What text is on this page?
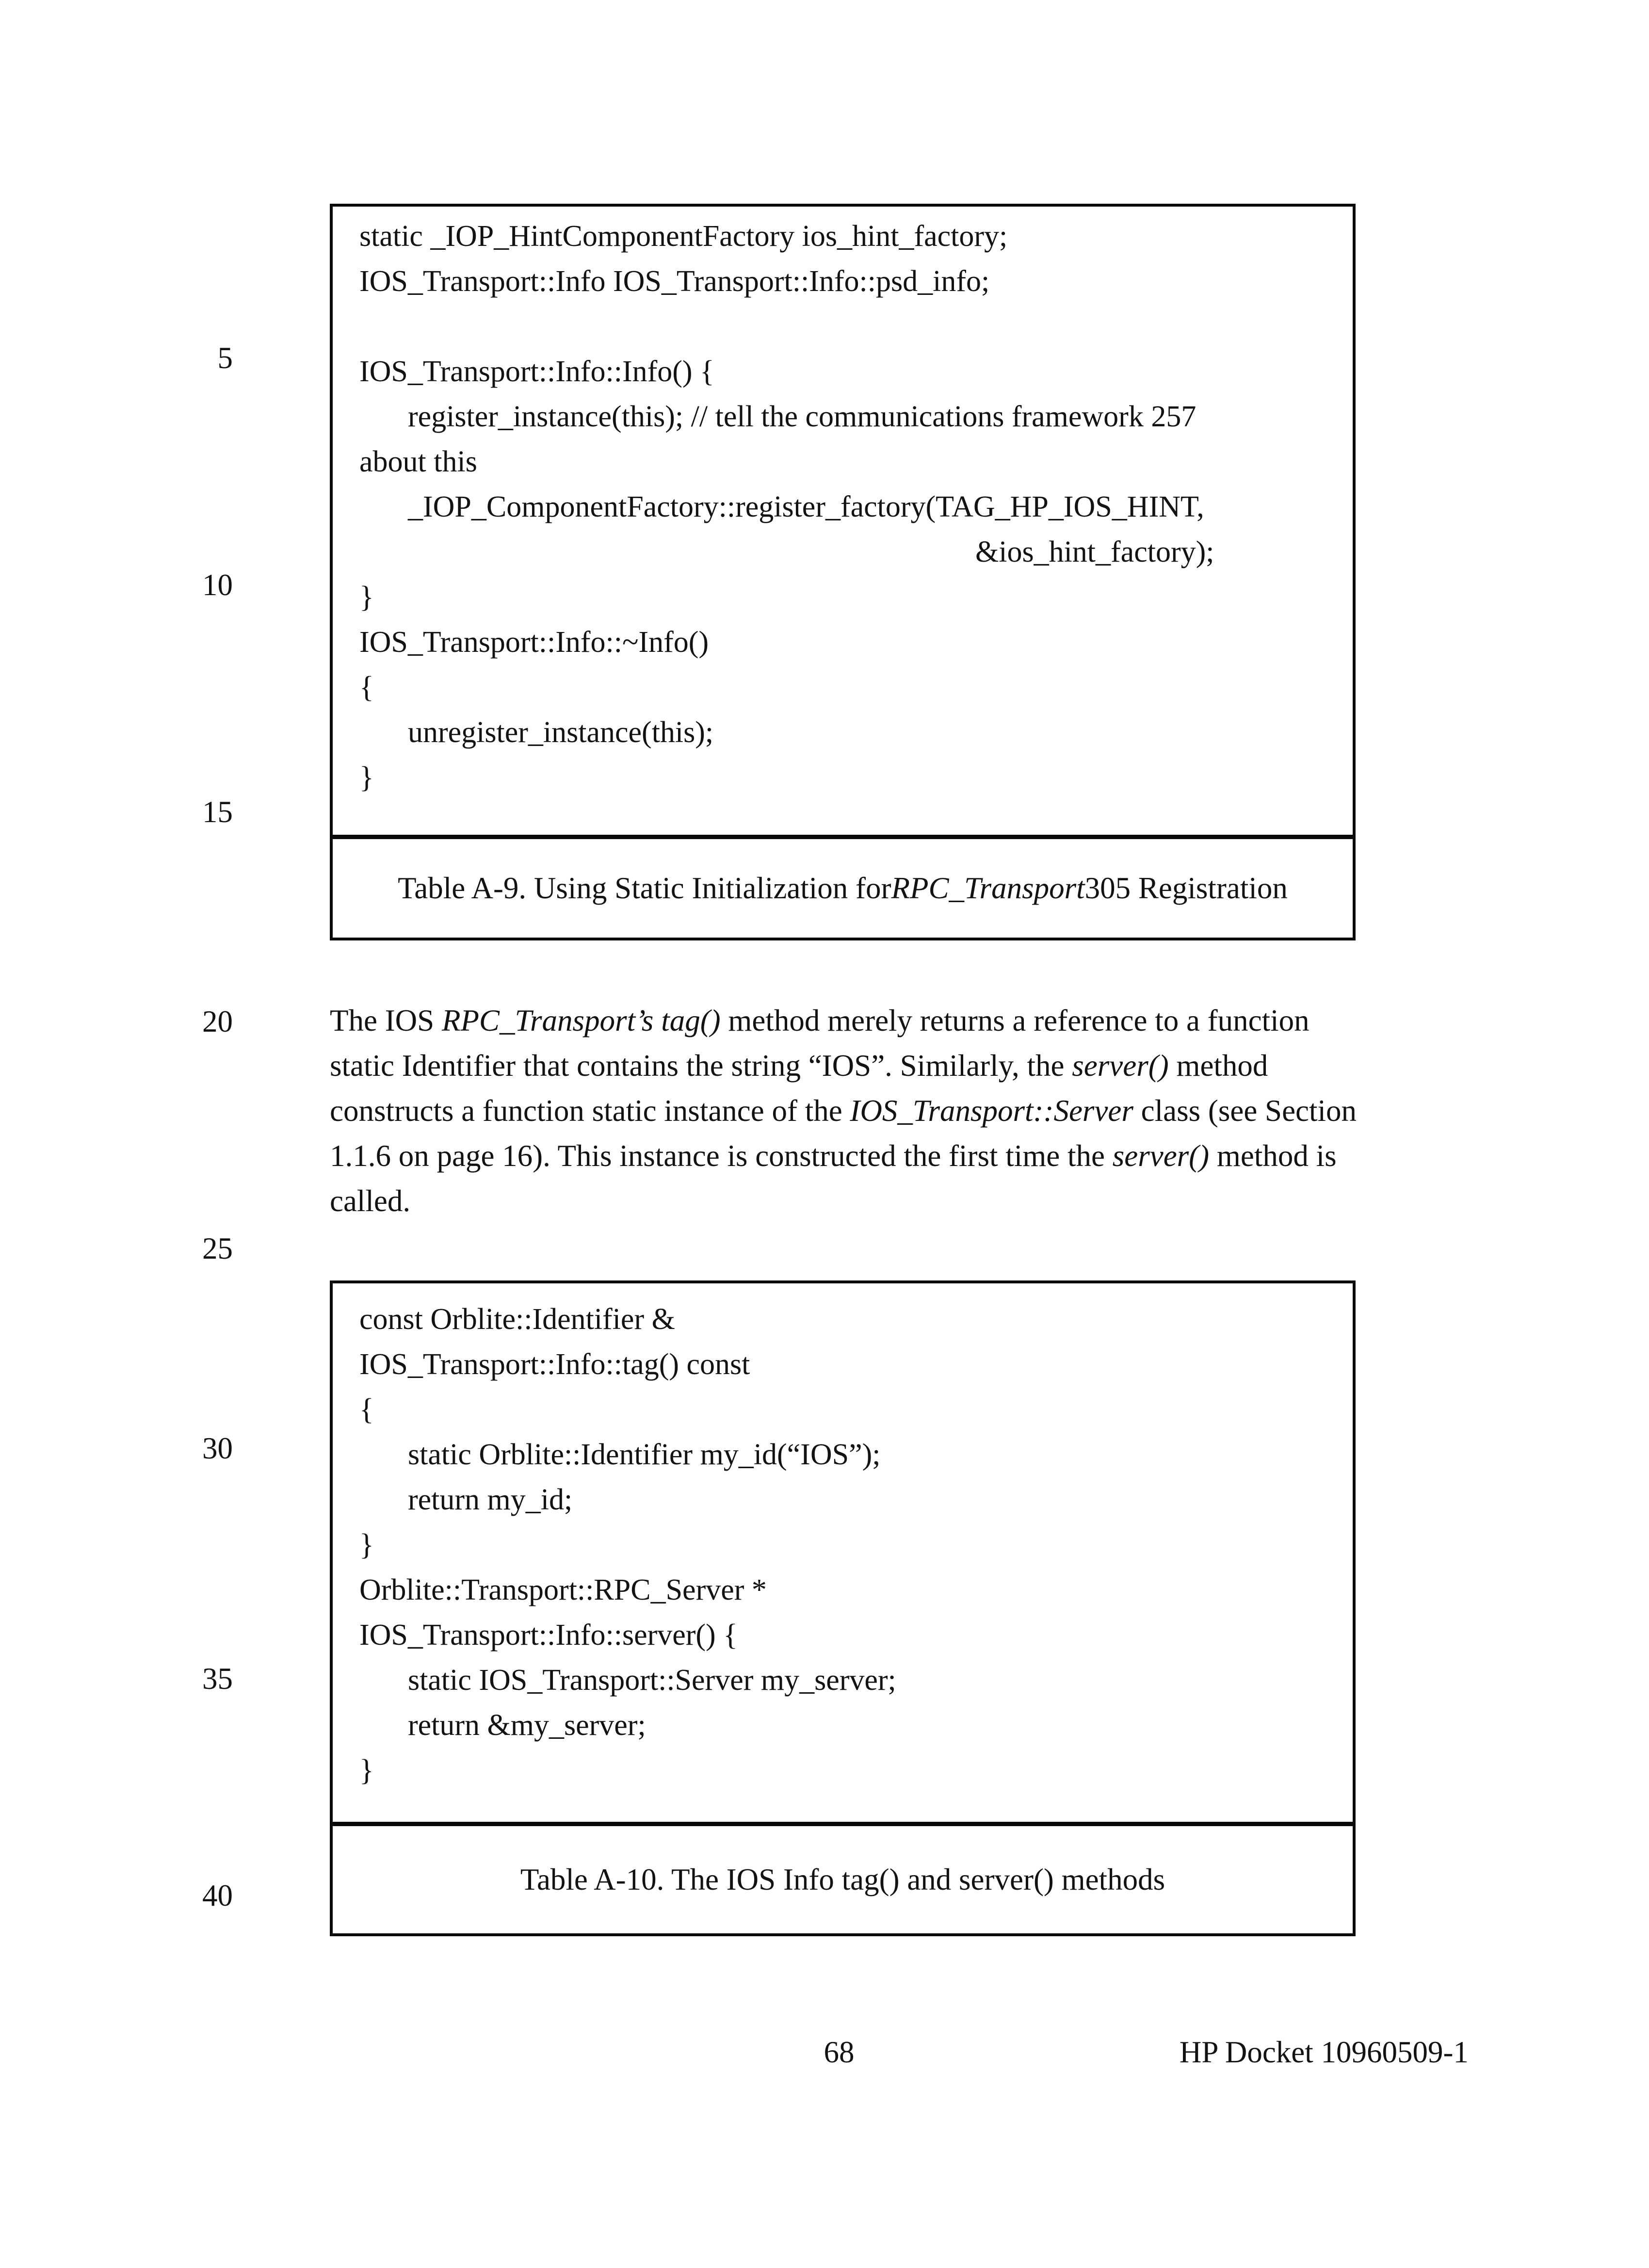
5
10
15
20
25
30
35
40
static _IOP_HintComponentFactory ios_hint_factory;
IOS_Transport::Info IOS_Transport::Info::psd_info;

IOS_Transport::Info::Info() {
register_instance(this); // tell the communications framework 257
about this
_IOP_ComponentFactory::register_factory(TAG_HP_IOS_HINT,
&ios_hint_factory);
}
IOS_Transport::Info::~Info()
{
unregister_instance(this);
}
Table A-9. Using Static Initialization for RPC_Transport 305 Registration

The IOS RPC_Transport’s tag() method merely returns a reference to a function static Identifier that contains the string “IOS”. Similarly, the server() method constructs a function static instance of the IOS_Transport::Server class (see Section 1.1.6 on page 16). This instance is constructed the first time the server() method is called.

const Orblite::Identifier &
IOS_Transport::Info::tag() const
{
static Orblite::Identifier my_id(“IOS”);
return my_id;
}
Orblite::Transport::RPC_Server *
IOS_Transport::Info::server() {
static IOS_Transport::Server my_server;
return &my_server;
}
Table A-10. The IOS Info tag() and server() methods
68	HP Docket 10960509-1
